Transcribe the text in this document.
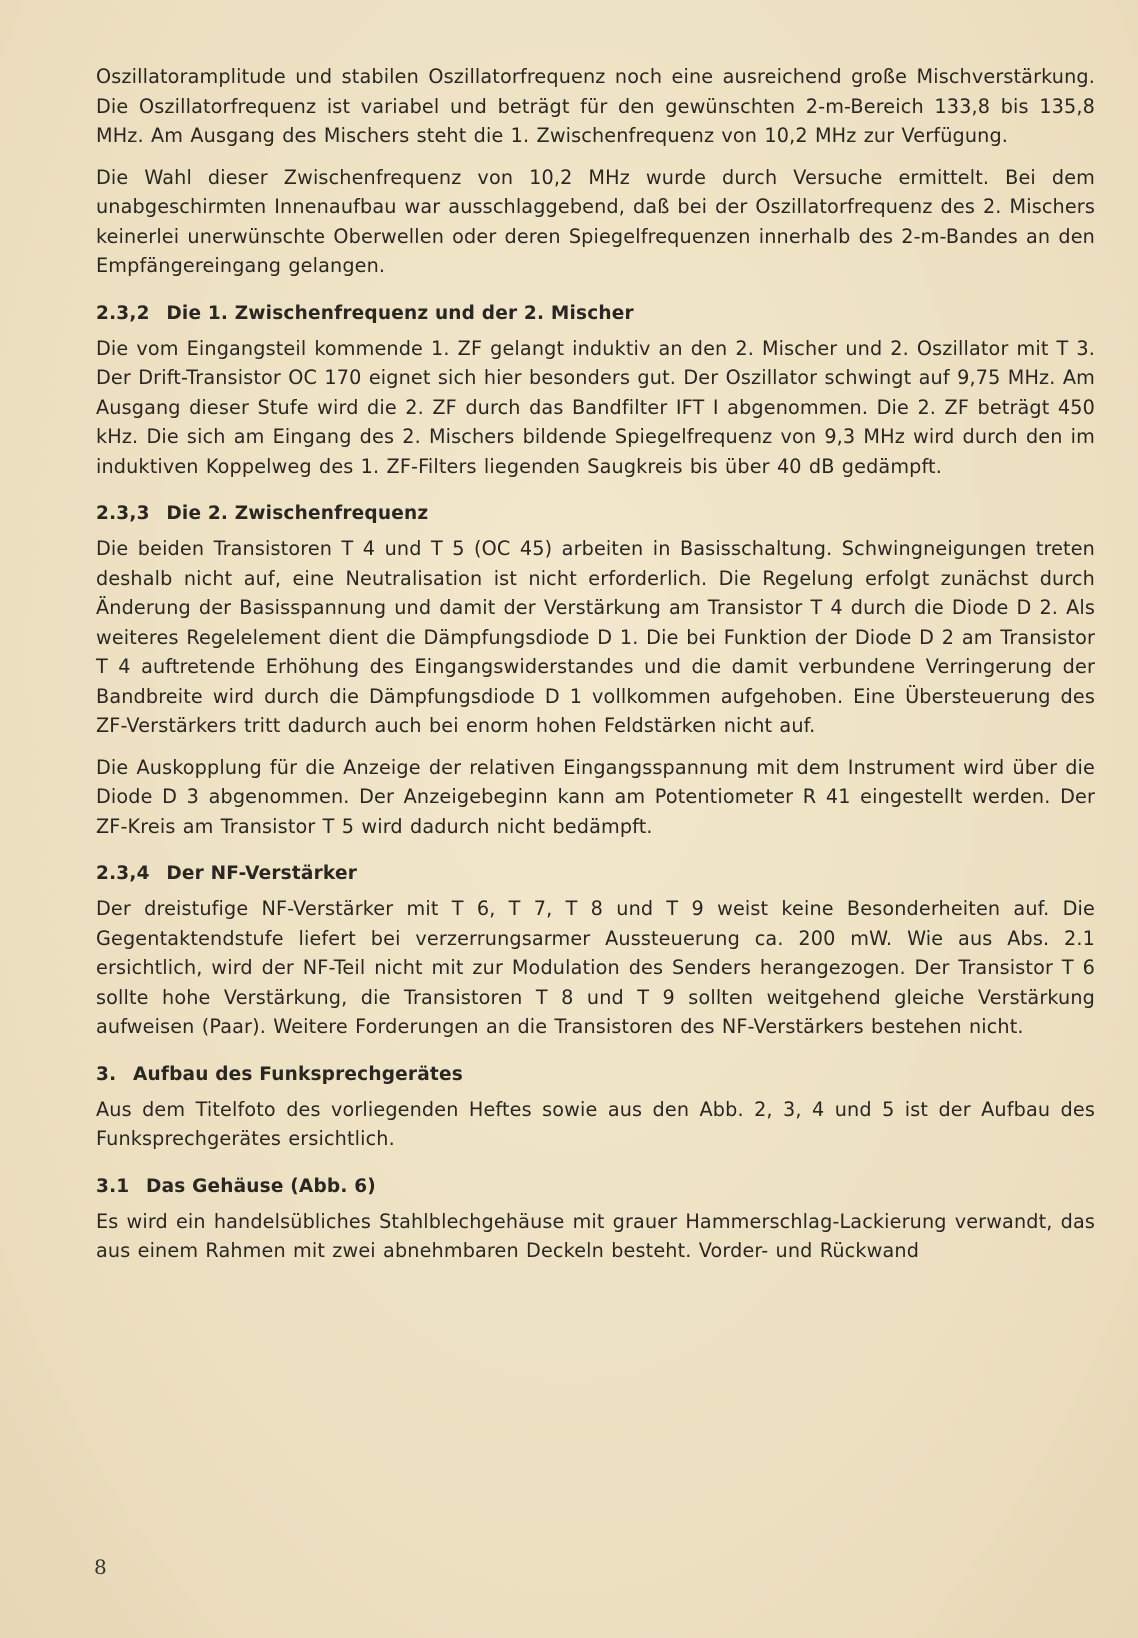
Oszillatoramplitude und stabilen Oszillatorfrequenz noch eine ausreichend große Mischverstärkung. Die Oszillatorfrequenz ist variabel und beträgt für den gewünschten 2-m-Bereich 133,8 bis 135,8 MHz. Am Ausgang des Mischers steht die 1. Zwischenfrequenz von 10,2 MHz zur Verfügung.

Die Wahl dieser Zwischenfrequenz von 10,2 MHz wurde durch Versuche ermittelt. Bei dem unabgeschirmten Innenaufbau war ausschlaggebend, daß bei der Oszillatorfrequenz des 2. Mischers keinerlei unerwünschte Oberwellen oder deren Spiegelfrequenzen innerhalb des 2-m-Bandes an den Empfängereingang gelangen.

2.3,2 Die 1. Zwischenfrequenz und der 2. Mischer

Die vom Eingangsteil kommende 1. ZF gelangt induktiv an den 2. Mischer und 2. Oszillator mit T 3. Der Drift-Transistor OC 170 eignet sich hier besonders gut. Der Oszillator schwingt auf 9,75 MHz. Am Ausgang dieser Stufe wird die 2. ZF durch das Bandfilter IFT I abgenommen. Die 2. ZF beträgt 450 kHz. Die sich am Eingang des 2. Mischers bildende Spiegelfrequenz von 9,3 MHz wird durch den im induktiven Koppelweg des 1. ZF-Filters liegenden Saugkreis bis über 40 dB gedämpft.

2.3,3 Die 2. Zwischenfrequenz

Die beiden Transistoren T 4 und T 5 (OC 45) arbeiten in Basisschaltung. Schwingneigungen treten deshalb nicht auf, eine Neutralisation ist nicht erforderlich. Die Regelung erfolgt zunächst durch Änderung der Basisspannung und damit der Verstärkung am Transistor T 4 durch die Diode D 2. Als weiteres Regelelement dient die Dämpfungsdiode D 1. Die bei Funktion der Diode D 2 am Transistor T 4 auftretende Erhöhung des Eingangswiderstandes und die damit verbundene Verringerung der Bandbreite wird durch die Dämpfungsdiode D 1 vollkommen aufgehoben. Eine Übersteuerung des ZF-Verstärkers tritt dadurch auch bei enorm hohen Feldstärken nicht auf.

Die Auskopplung für die Anzeige der relativen Eingangsspannung mit dem Instrument wird über die Diode D 3 abgenommen. Der Anzeigebeginn kann am Potentiometer R 41 eingestellt werden. Der ZF-Kreis am Transistor T 5 wird dadurch nicht bedämpft.

2.3,4 Der NF-Verstärker

Der dreistufige NF-Verstärker mit T 6, T 7, T 8 und T 9 weist keine Besonderheiten auf. Die Gegentaktendstufe liefert bei verzerrungsarmer Aussteuerung ca. 200 mW. Wie aus Abs. 2.1 ersichtlich, wird der NF-Teil nicht mit zur Modulation des Senders herangezogen. Der Transistor T 6 sollte hohe Verstärkung, die Transistoren T 8 und T 9 sollten weitgehend gleiche Verstärkung aufweisen (Paar). Weitere Forderungen an die Transistoren des NF-Verstärkers bestehen nicht.

3. Aufbau des Funksprechgerätes

Aus dem Titelfoto des vorliegenden Heftes sowie aus den Abb. 2, 3, 4 und 5 ist der Aufbau des Funksprechgerätes ersichtlich.

3.1 Das Gehäuse (Abb. 6)

Es wird ein handelsübliches Stahlblechgehäuse mit grauer Hammerschlag-Lackierung verwandt, das aus einem Rahmen mit zwei abnehmbaren Deckeln besteht. Vorder- und Rückwand

8
